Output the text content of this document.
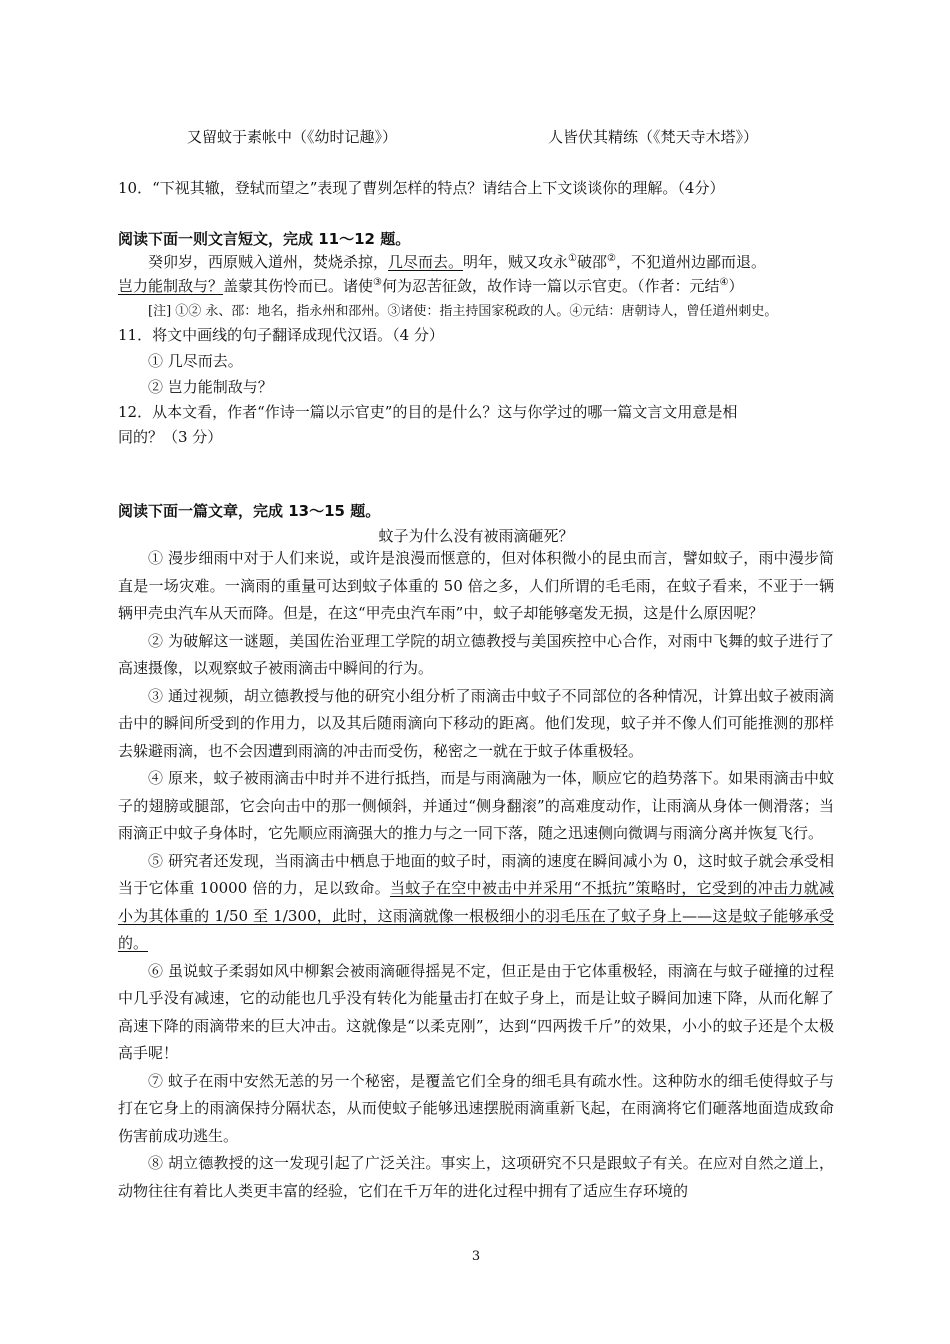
又留蚊于素帐中（《幼时记趣》）	人皆伏其精练（《梵天寺木塔》）
10．“下视其辙，登轼而望之”表现了曹刿怎样的特点？请结合上下文谈谈你的理解。（4分）
阅读下面一则文言短文，完成 11～12 题。
癸卯岁，西原贼入道州，焚烧杀掠，几尽而去。明年，贼又攻永①破邵②，不犯道州边鄙而退。
岂力能制敌与？盖蒙其伤怜而已。诸使③何为忍苦征敛，故作诗一篇以示官吏。（作者：元结④）
[注] ①② 永、邵：地名，指永州和邵州。③诸使：指主持国家税政的人。④元结：唐朝诗人，曾任道州刺史。
11．将文中画线的句子翻译成现代汉语。（4 分）
① 几尽而去。
② 岂力能制敌与？
12．从本文看，作者“作诗一篇以示官吏”的目的是什么？这与你学过的哪一篇文言文用意是相
同的？（3 分）
阅读下面一篇文章，完成 13～15 题。
蚊子为什么没有被雨滴砸死？

① 漫步细雨中对于人们来说，或许是浪漫而惬意的，但对体积微小的昆虫而言，譬如蚊子，雨中漫步简直是一场灾难。一滴雨的重量可达到蚊子体重的 50 倍之多，人们所谓的毛毛雨，在蚊子看来，不亚于一辆辆甲壳虫汽车从天而降。但是，在这“甲壳虫汽车雨”中，蚊子却能够毫发无损，这是什么原因呢？

② 为破解这一谜题，美国佐治亚理工学院的胡立德教授与美国疾控中心合作，对雨中飞舞的蚊子进行了高速摄像，以观察蚊子被雨滴击中瞬间的行为。

③ 通过视频，胡立德教授与他的研究小组分析了雨滴击中蚊子不同部位的各种情况，计算出蚊子被雨滴击中的瞬间所受到的作用力，以及其后随雨滴向下移动的距离。他们发现，蚊子并不像人们可能推测的那样去躲避雨滴，也不会因遭到雨滴的冲击而受伤，秘密之一就在于蚊子体重极轻。

④ 原来，蚊子被雨滴击中时并不进行抵挡，而是与雨滴融为一体，顺应它的趋势落下。如果雨滴击中蚊子的翅膀或腿部，它会向击中的那一侧倾斜，并通过“侧身翻滚”的高难度动作，让雨滴从身体一侧滑落；当雨滴正中蚊子身体时，它先顺应雨滴强大的推力与之一同下落，随之迅速侧向微调与雨滴分离并恢复飞行。

⑤ 研究者还发现，当雨滴击中栖息于地面的蚊子时，雨滴的速度在瞬间减小为 0，这时蚊子就会承受相当于它体重 10000 倍的力，足以致命。当蚊子在空中被击中并采用“不抵抗”策略时，它受到的冲击力就减小为其体重的 1/50 至 1/300，此时，这雨滴就像一根极细小的羽毛压在了蚊子身上——这是蚊子能够承受的。

⑥ 虽说蚊子柔弱如风中柳絮会被雨滴砸得摇晃不定，但正是由于它体重极轻，雨滴在与蚊子碰撞的过程中几乎没有减速，它的动能也几乎没有转化为能量击打在蚊子身上，而是让蚊子瞬间加速下降，从而化解了高速下降的雨滴带来的巨大冲击。这就像是“以柔克刚”，达到“四两拨千斤”的效果，小小的蚊子还是个太极高手呢！

⑦ 蚊子在雨中安然无恙的另一个秘密，是覆盖它们全身的细毛具有疏水性。这种防水的细毛使得蚊子与打在它身上的雨滴保持分隔状态，从而使蚊子能够迅速摆脱雨滴重新飞起，在雨滴将它们砸落地面造成致命伤害前成功逃生。

⑧ 胡立德教授的这一发现引起了广泛关注。事实上，这项研究不只是跟蚊子有关。在应对自然之道上，动物往往有着比人类更丰富的经验，它们在千万年的进化过程中拥有了适应生存环境的

3
